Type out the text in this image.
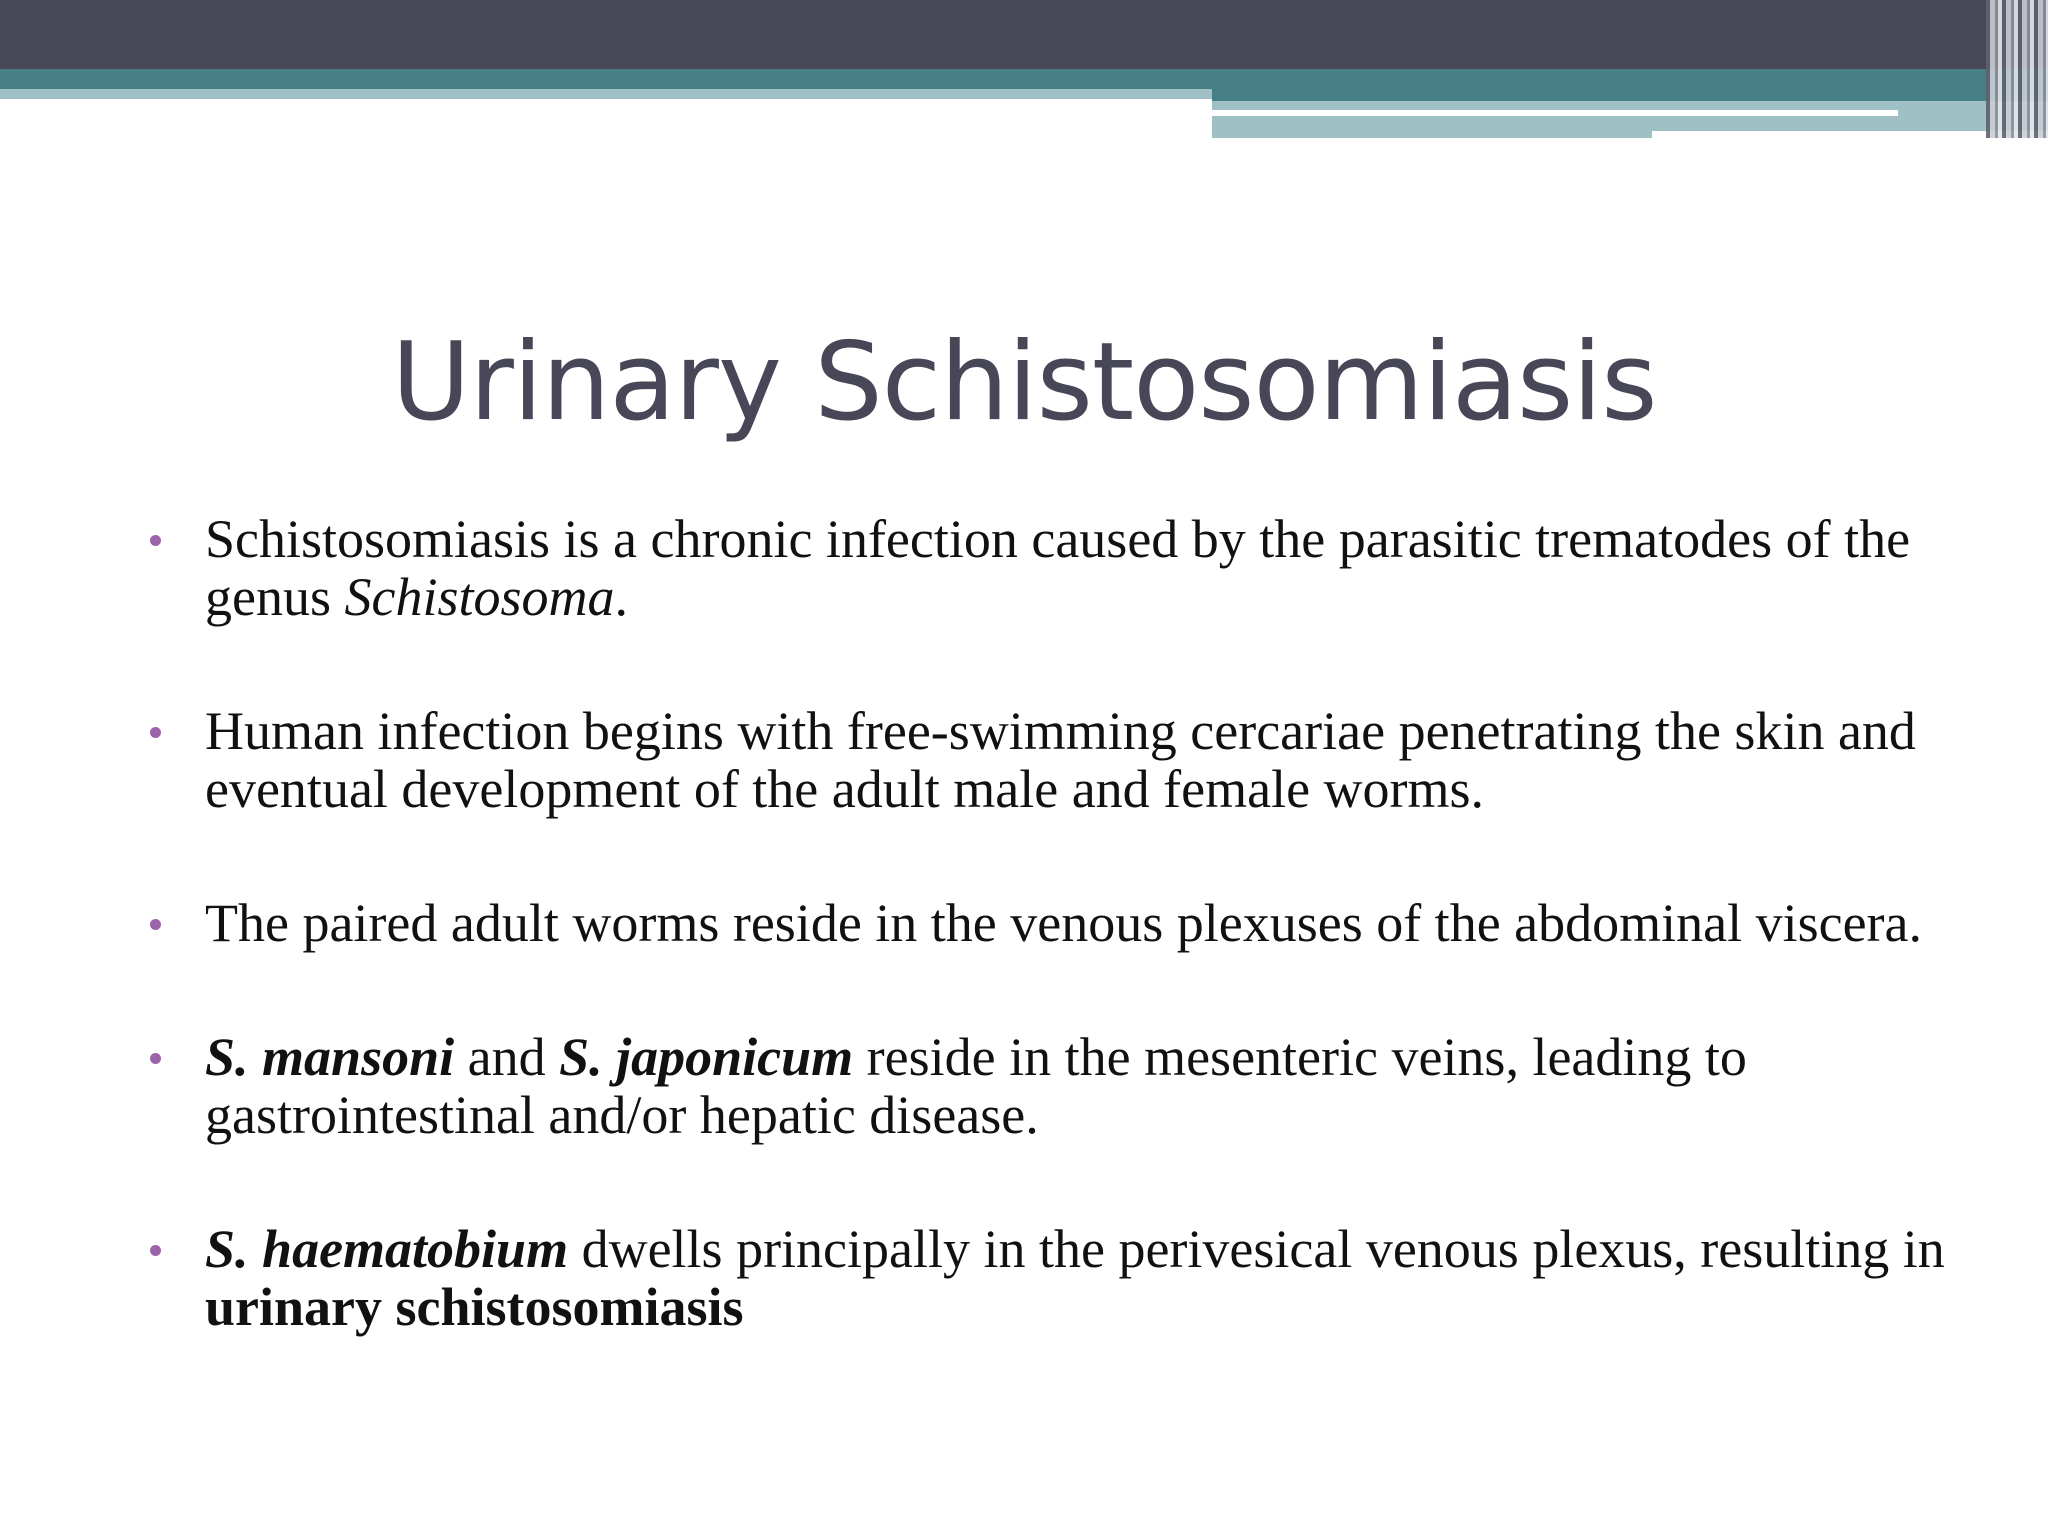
Urinary Schistosomiasis
Schistosomiasis is a chronic infection caused by the parasitic trematodes of the genus Schistosoma.
Human infection begins with free-swimming cercariae penetrating the skin and eventual development of the adult male and female worms.
The paired adult worms reside in the venous plexuses of the abdominal viscera.
S. mansoni and S. japonicum reside in the mesenteric veins, leading to gastrointestinal and/or hepatic disease.
S. haematobium dwells principally in the perivesical venous plexus, resulting in urinary schistosomiasis
